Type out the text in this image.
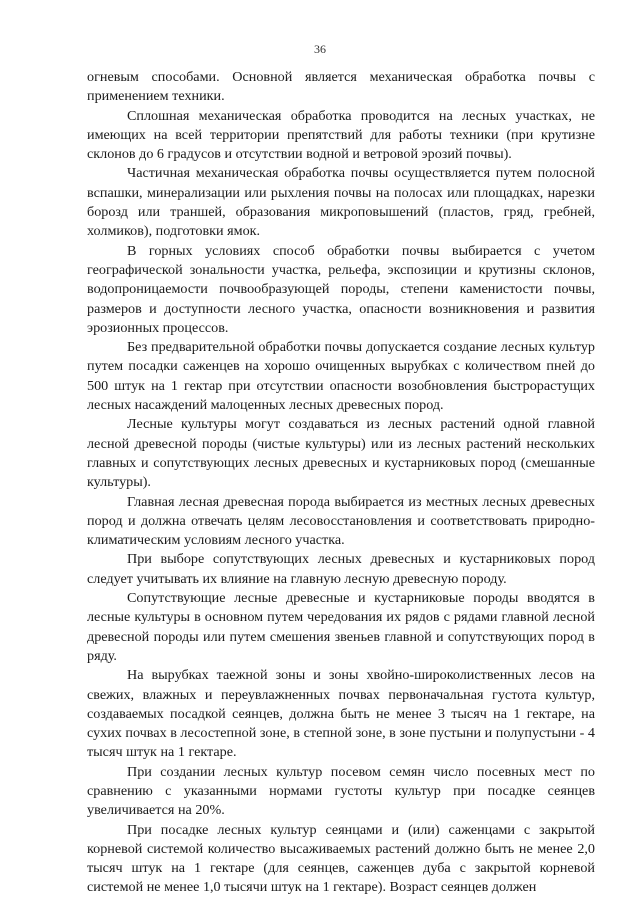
36

огневым способами. Основной является механическая обработка почвы с применением техники.

Сплошная механическая обработка проводится на лесных участках, не имеющих на всей территории препятствий для работы техники (при крутизне склонов до 6 градусов и отсутствии водной и ветровой эрозий почвы).

Частичная механическая обработка почвы осуществляется путем полосной вспашки, минерализации или рыхления почвы на полосах или площадках, нарезки борозд или траншей, образования микроповышений (пластов, гряд, гребней, холмиков), подготовки ямок.

В горных условиях способ обработки почвы выбирается с учетом географической зональности участка, рельефа, экспозиции и крутизны склонов, водопроницаемости почвообразующей породы, степени каменистости почвы, размеров и доступности лесного участка, опасности возникновения и развития эрозионных процессов.

Без предварительной обработки почвы допускается создание лесных культур путем посадки саженцев на хорошо очищенных вырубках с количеством пней до 500 штук на 1 гектар при отсутствии опасности возобновления быстрорастущих лесных насаждений малоценных лесных древесных пород.

Лесные культуры могут создаваться из лесных растений одной главной лесной древесной породы (чистые культуры) или из лесных растений нескольких главных и сопутствующих лесных древесных и кустарниковых пород (смешанные культуры).

Главная лесная древесная порода выбирается из местных лесных древесных пород и должна отвечать целям лесовосстановления и соответствовать природно-климатическим условиям лесного участка.

При выборе сопутствующих лесных древесных и кустарниковых пород следует учитывать их влияние на главную лесную древесную породу.

Сопутствующие лесные древесные и кустарниковые породы вводятся в лесные культуры в основном путем чередования их рядов с рядами главной лесной древесной породы или путем смешения звеньев главной и сопутствующих пород в ряду.

На вырубках таежной зоны и зоны хвойно-широколиственных лесов на свежих, влажных и переувлажненных почвах первоначальная густота культур, создаваемых посадкой сеянцев, должна быть не менее 3 тысяч на 1 гектаре, на сухих почвах в лесостепной зоне, в степной зоне, в зоне пустыни и полупустыни - 4 тысяч штук на 1 гектаре.

При создании лесных культур посевом семян число посевных мест по сравнению с указанными нормами густоты культур при посадке сеянцев увеличивается на 20%.

При посадке лесных культур сеянцами и (или) саженцами с закрытой корневой системой количество высаживаемых растений должно быть не менее 2,0 тысяч штук на 1 гектаре (для сеянцев, саженцев дуба с закрытой корневой системой не менее 1,0 тысячи штук на 1 гектаре). Возраст сеянцев должен
